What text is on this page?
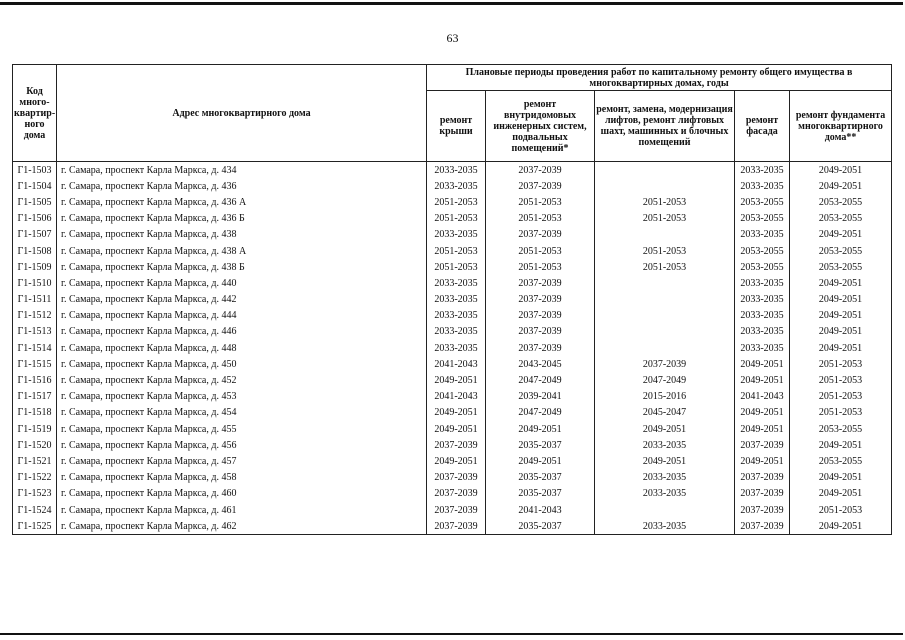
63
Код много-квартир-ного дома	Адрес многоквартирного дома	Плановые периоды проведения работ по капитальному ремонту общего имущества в многоквартирных домах, годы				
		ремонт крыши	ремонт внутридомовых инженерных систем, подвальных помещений*	ремонт, замена, модернизация лифтов, ремонт лифтовых шахт, машинных и блочных помещений	ремонт фасада	ремонт фундамента многоквартирного дома**
Г1-1503	г. Самара, проспект Карла Маркса, д. 434	2033-2035	2037-2039		2033-2035	2049-2051
Г1-1504	г. Самара, проспект Карла Маркса, д. 436	2033-2035	2037-2039		2033-2035	2049-2051
Г1-1505	г. Самара, проспект Карла Маркса, д. 436 А	2051-2053	2051-2053	2051-2053	2053-2055	2053-2055
Г1-1506	г. Самара, проспект Карла Маркса, д. 436 Б	2051-2053	2051-2053	2051-2053	2053-2055	2053-2055
Г1-1507	г. Самара, проспект Карла Маркса, д. 438	2033-2035	2037-2039		2033-2035	2049-2051
Г1-1508	г. Самара, проспект Карла Маркса, д. 438 А	2051-2053	2051-2053	2051-2053	2053-2055	2053-2055
Г1-1509	г. Самара, проспект Карла Маркса, д. 438 Б	2051-2053	2051-2053	2051-2053	2053-2055	2053-2055
Г1-1510	г. Самара, проспект Карла Маркса, д. 440	2033-2035	2037-2039		2033-2035	2049-2051
Г1-1511	г. Самара, проспект Карла Маркса, д. 442	2033-2035	2037-2039		2033-2035	2049-2051
Г1-1512	г. Самара, проспект Карла Маркса, д. 444	2033-2035	2037-2039		2033-2035	2049-2051
Г1-1513	г. Самара, проспект Карла Маркса, д. 446	2033-2035	2037-2039		2033-2035	2049-2051
Г1-1514	г. Самара, проспект Карла Маркса, д. 448	2033-2035	2037-2039		2033-2035	2049-2051
Г1-1515	г. Самара, проспект Карла Маркса, д. 450	2041-2043	2043-2045	2037-2039	2049-2051	2051-2053
Г1-1516	г. Самара, проспект Карла Маркса, д. 452	2049-2051	2047-2049	2047-2049	2049-2051	2051-2053
Г1-1517	г. Самара, проспект Карла Маркса, д. 453	2041-2043	2039-2041	2015-2016	2041-2043	2051-2053
Г1-1518	г. Самара, проспект Карла Маркса, д. 454	2049-2051	2047-2049	2045-2047	2049-2051	2051-2053
Г1-1519	г. Самара, проспект Карла Маркса, д. 455	2049-2051	2049-2051	2049-2051	2049-2051	2053-2055
Г1-1520	г. Самара, проспект Карла Маркса, д. 456	2037-2039	2035-2037	2033-2035	2037-2039	2049-2051
Г1-1521	г. Самара, проспект Карла Маркса, д. 457	2049-2051	2049-2051	2049-2051	2049-2051	2053-2055
Г1-1522	г. Самара, проспект Карла Маркса, д. 458	2037-2039	2035-2037	2033-2035	2037-2039	2049-2051
Г1-1523	г. Самара, проспект Карла Маркса, д. 460	2037-2039	2035-2037	2033-2035	2037-2039	2049-2051
Г1-1524	г. Самара, проспект Карла Маркса, д. 461	2037-2039	2041-2043		2037-2039	2051-2053
Г1-1525	г. Самара, проспект Карла Маркса, д. 462	2037-2039	2035-2037	2033-2035	2037-2039	2049-2051
